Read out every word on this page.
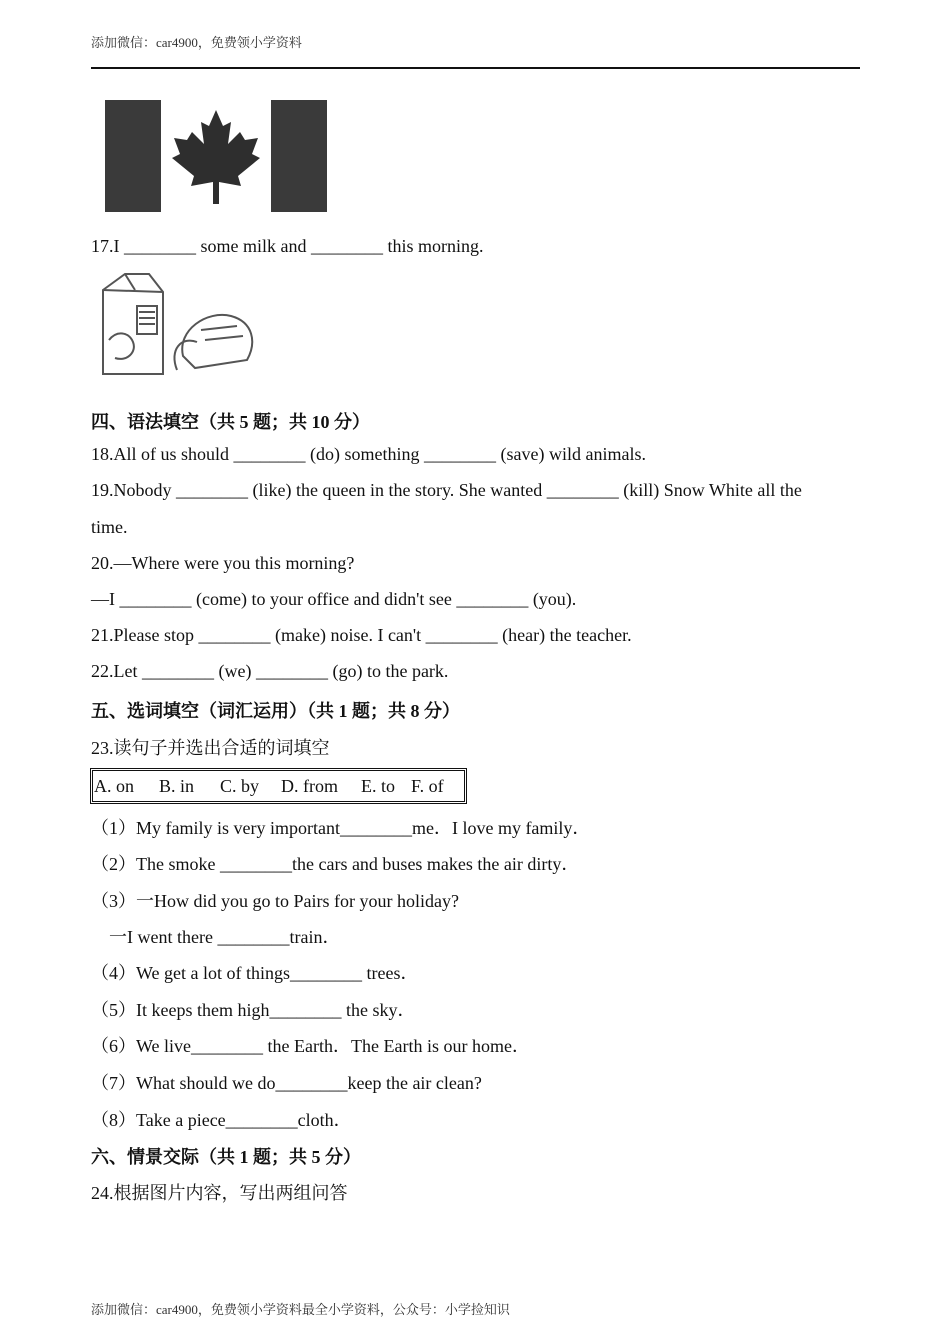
添加微信：car4900，免费领小学资料
17.I ________ some milk and ________ this morning.
四、语法填空（共 5 题；共 10 分）
18.All of us should ________ (do) something ________ (save) wild animals.
19.Nobody ________ (like) the queen in the story. She wanted ________ (kill) Snow White all the
time.
20.—Where were you this morning?
—I ________ (come) to your office and didn't see ________ (you).
21.Please stop ________ (make) noise. I can't ________ (hear) the teacher.
22.Let ________ (we) ________ (go) to the park.
五、选词填空（词汇运用）（共 1 题；共 8 分）
23.读句子并选出合适的词填空
A. on B. in C. by D. from E. to F. of
（1）My family is very important________me．I love my family．
（2）The smoke ________the cars and buses makes the air dirty．
（3）一How did you go to Pairs for your holiday?
一I went there ________train．
（4）We get a lot of things________ trees．
（5）It keeps them high________ the sky．
（6）We live________ the Earth．The Earth is our home．
（7）What should we do________keep the air clean?
（8）Take a piece________cloth．
六、情景交际（共 1 题；共 5 分）
24.根据图片内容，写出两组问答
添加微信：car4900，免费领小学资料最全小学资料，公众号：小学捡知识
